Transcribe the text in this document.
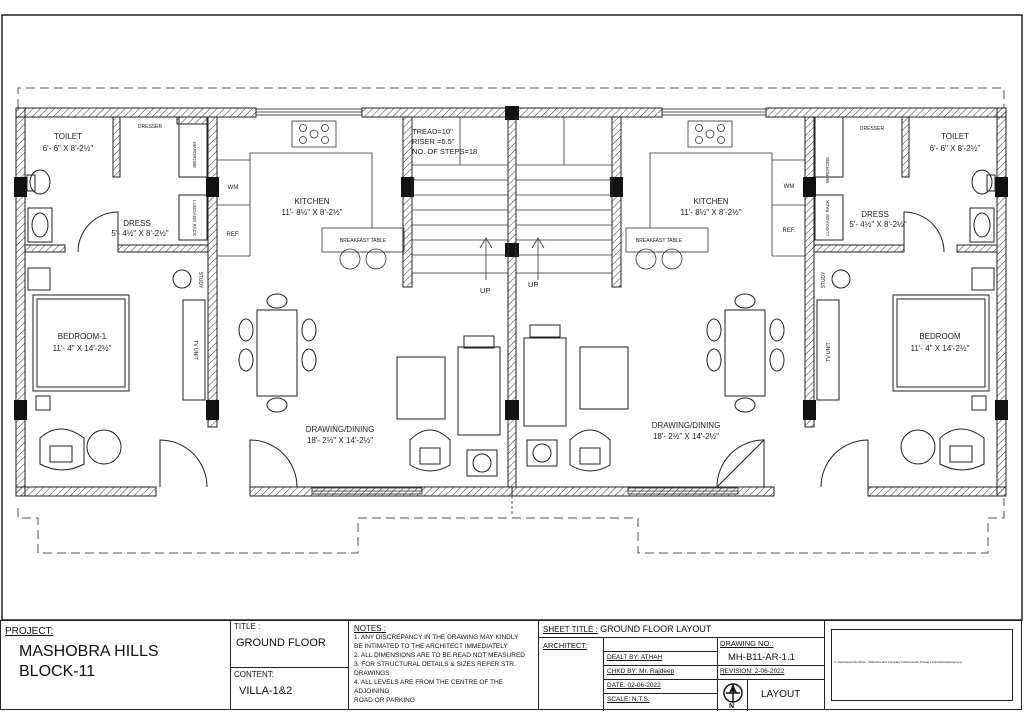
TOILET
6'- 6" X 8'-2½"
DRESS
5'- 4½" X 8'-2½"
BEDROOM-1
11'- 4" X 14'-2½"
KITCHEN
11'- 8½" X 8'-2½"
DRAWING/DINING
18'- 2½" X 14'-2½"
DRESSER
WM
REF.
BREAKFAST TABLE
WARDROBE
LUGGAGE RACK
STUDY
TV UNIT
TOILET
6'- 6" X 8'-2½"
DRESS
5'- 4½" X 8'-2½"
BEDROOM
11'- 4" X 14'-2½"
KITCHEN
11'- 8½" X 8'-2½"
DRAWING/DINING
18'- 2½" X 14'-2½"
DRESSER
WM
REF.
BREAKFAST TABLE
WARDROBE
LUGGAGE RACK
STUDY
TV UNIT
TREAD=10"
RISER =6.5"
NO. OF STEPS=18
UP
UP
PROJECT:
MASHOBRA HILLS
BLOCK-11
TITLE :
GROUND FLOOR
CONTENT:
VILLA-1&2
NOTES :
1. ANY DISCREPANCY IN THE DRAWING MAY KINDLY
BE INTIMATED TO THE ARCHITECT IMMEDIATELY
2. ALL DIMENSIONS ARE TO BE READ NOT MEASURED
3. FOR STRUCTURAL DETAILS & SIZES REFER STR.
DRAWINGS
4. ALL LEVELS ARE FROM THE CENTRE OF THE
ADJOINING
ROAD OR PARKING
SHEET TITLE : GROUND FLOOR LAYOUT
ARCHITECT:
DEALT BY: ATHAH
CHKD BY: Mr. Rajdeep
DATE: 02-06-2022
SCALE: N.T.S.
DRAWING NO.:
MH-B11-AR-1.1
REVISION: 2-06-2022
N
LAYOUT
C:\Users\user\OneDrive - Mahindra and Company Infrastructure Private Limited\sample\logo.jpg
